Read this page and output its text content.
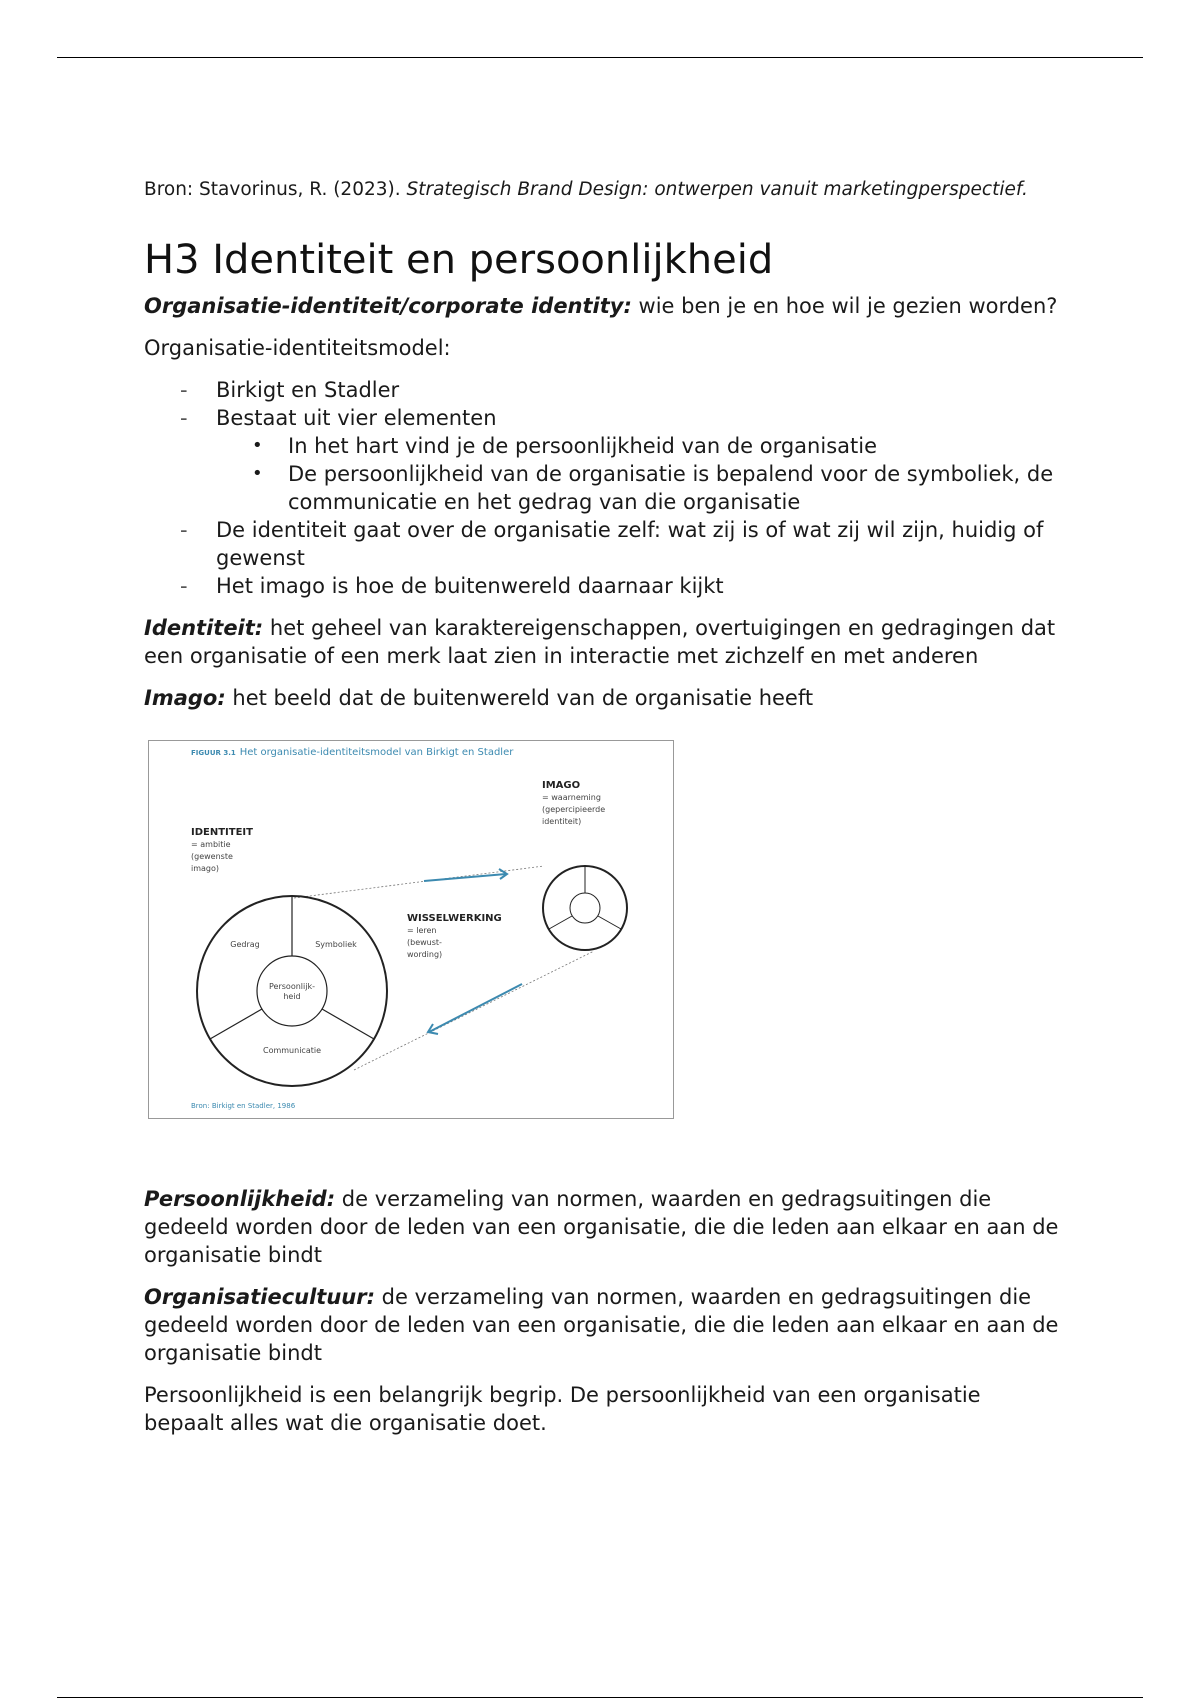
Bron: Stavorinus, R. (2023). Strategisch Brand Design: ontwerpen vanuit marketingperspectief.

H3 Identiteit en persoonlijkheid

Organisatie-identiteit/corporate identity: wie ben je en hoe wil je gezien worden?

Organisatie-identiteitsmodel:

- Birkigt en Stadler
- Bestaat uit vier elementen
• In het hart vind je de persoonlijkheid van de organisatie
• De persoonlijkheid van de organisatie is bepalend voor de symboliek, de communicatie en het gedrag van die organisatie
- De identiteit gaat over de organisatie zelf: wat zij is of wat zij wil zijn, huidig of gewenst
- Het imago is hoe de buitenwereld daarnaar kijkt

Identiteit: het geheel van karaktereigenschappen, overtuigingen en gedragingen dat een organisatie of een merk laat zien in interactie met zichzelf en met anderen

Imago: het beeld dat de buitenwereld van de organisatie heeft

FIGUUR 3.1 Het organisatie-identiteitsmodel van Birkigt en Stadler
IDENTITEIT
= ambitie
(gewenste
imago)
IMAGO
= waarneming
(gepercipieerde
identiteit)
WISSELWERKING
= leren
(bewust-
wording)
Gedrag	Symboliek
Persoonlijk-
heid
Communicatie
Bron: Birkigt en Stadler, 1986

Persoonlijkheid: de verzameling van normen, waarden en gedragsuitingen die gedeeld worden door de leden van een organisatie, die die leden aan elkaar en aan de organisatie bindt

Organisatiecultuur: de verzameling van normen, waarden en gedragsuitingen die gedeeld worden door de leden van een organisatie, die die leden aan elkaar en aan de organisatie bindt

Persoonlijkheid is een belangrijk begrip. De persoonlijkheid van een organisatie bepaalt alles wat die organisatie doet.
